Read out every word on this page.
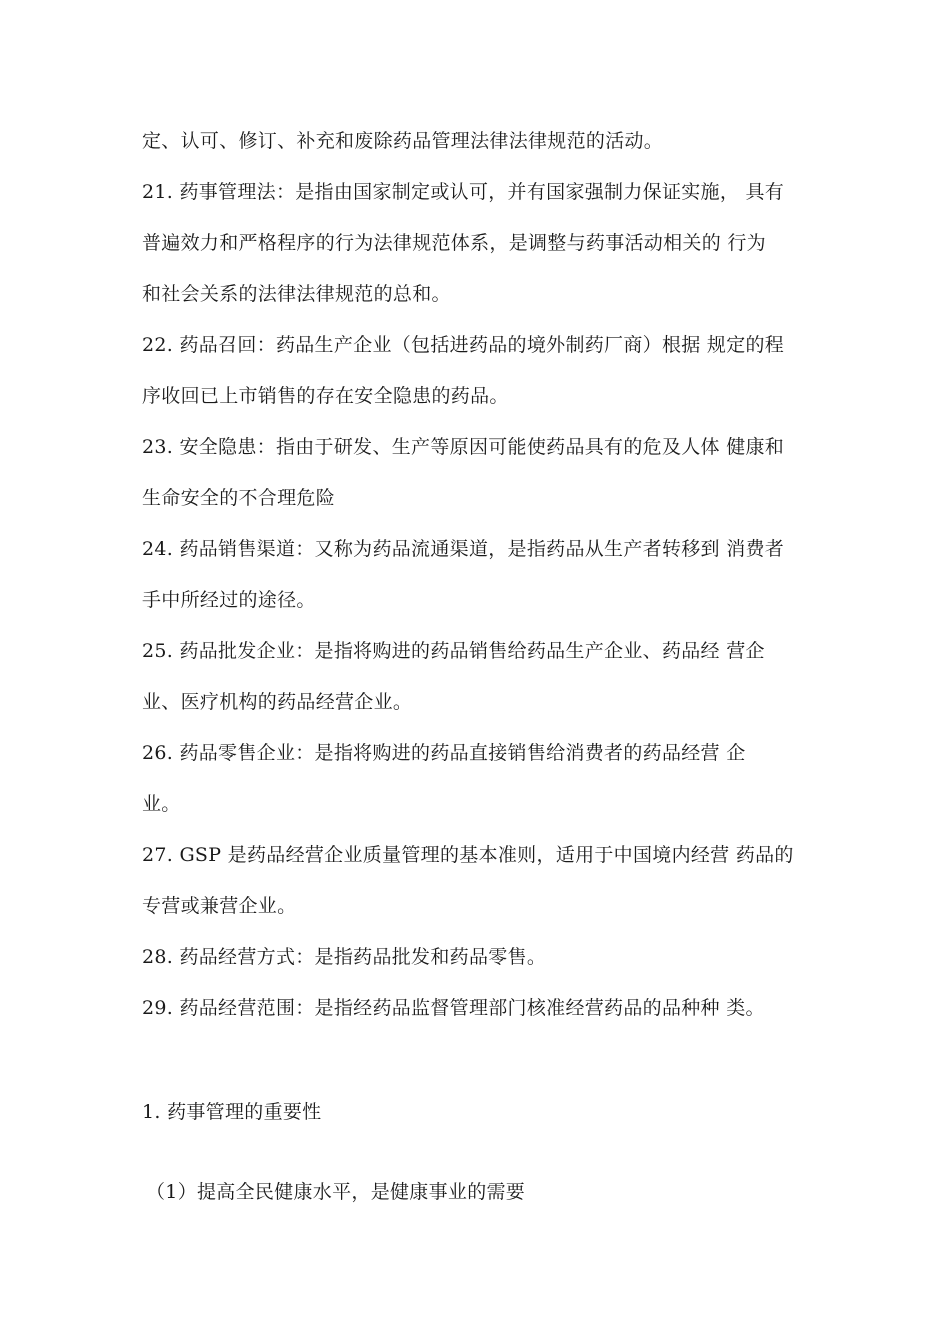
定、认可、修订、补充和废除药品管理法律法律规范的活动。
21. 药事管理法：是指由国家制定或认可，并有国家强制力保证实施， 具有
普遍效力和严格程序的行为法律规范体系，是调整与药事活动相关的 行为
和社会关系的法律法律规范的总和。
22. 药品召回：药品生产企业（包括进药品的境外制药厂商）根据 规定的程
序收回已上市销售的存在安全隐患的药品。
23. 安全隐患：指由于研发、生产等原因可能使药品具有的危及人体 健康和
生命安全的不合理危险
24. 药品销售渠道：又称为药品流通渠道，是指药品从生产者转移到 消费者
手中所经过的途径。
25. 药品批发企业：是指将购进的药品销售给药品生产企业、药品经 营企
业、医疗机构的药品经营企业。
26. 药品零售企业：是指将购进的药品直接销售给消费者的药品经营 企
业。
27. GSP 是药品经营企业质量管理的基本准则，适用于中国境内经营 药品的
专营或兼营企业。
28. 药品经营方式：是指药品批发和药品零售。
29. 药品经营范围：是指经药品监督管理部门核准经营药品的品种种 类。
1. 药事管理的重要性
（1）提高全民健康水平，是健康事业的需要
